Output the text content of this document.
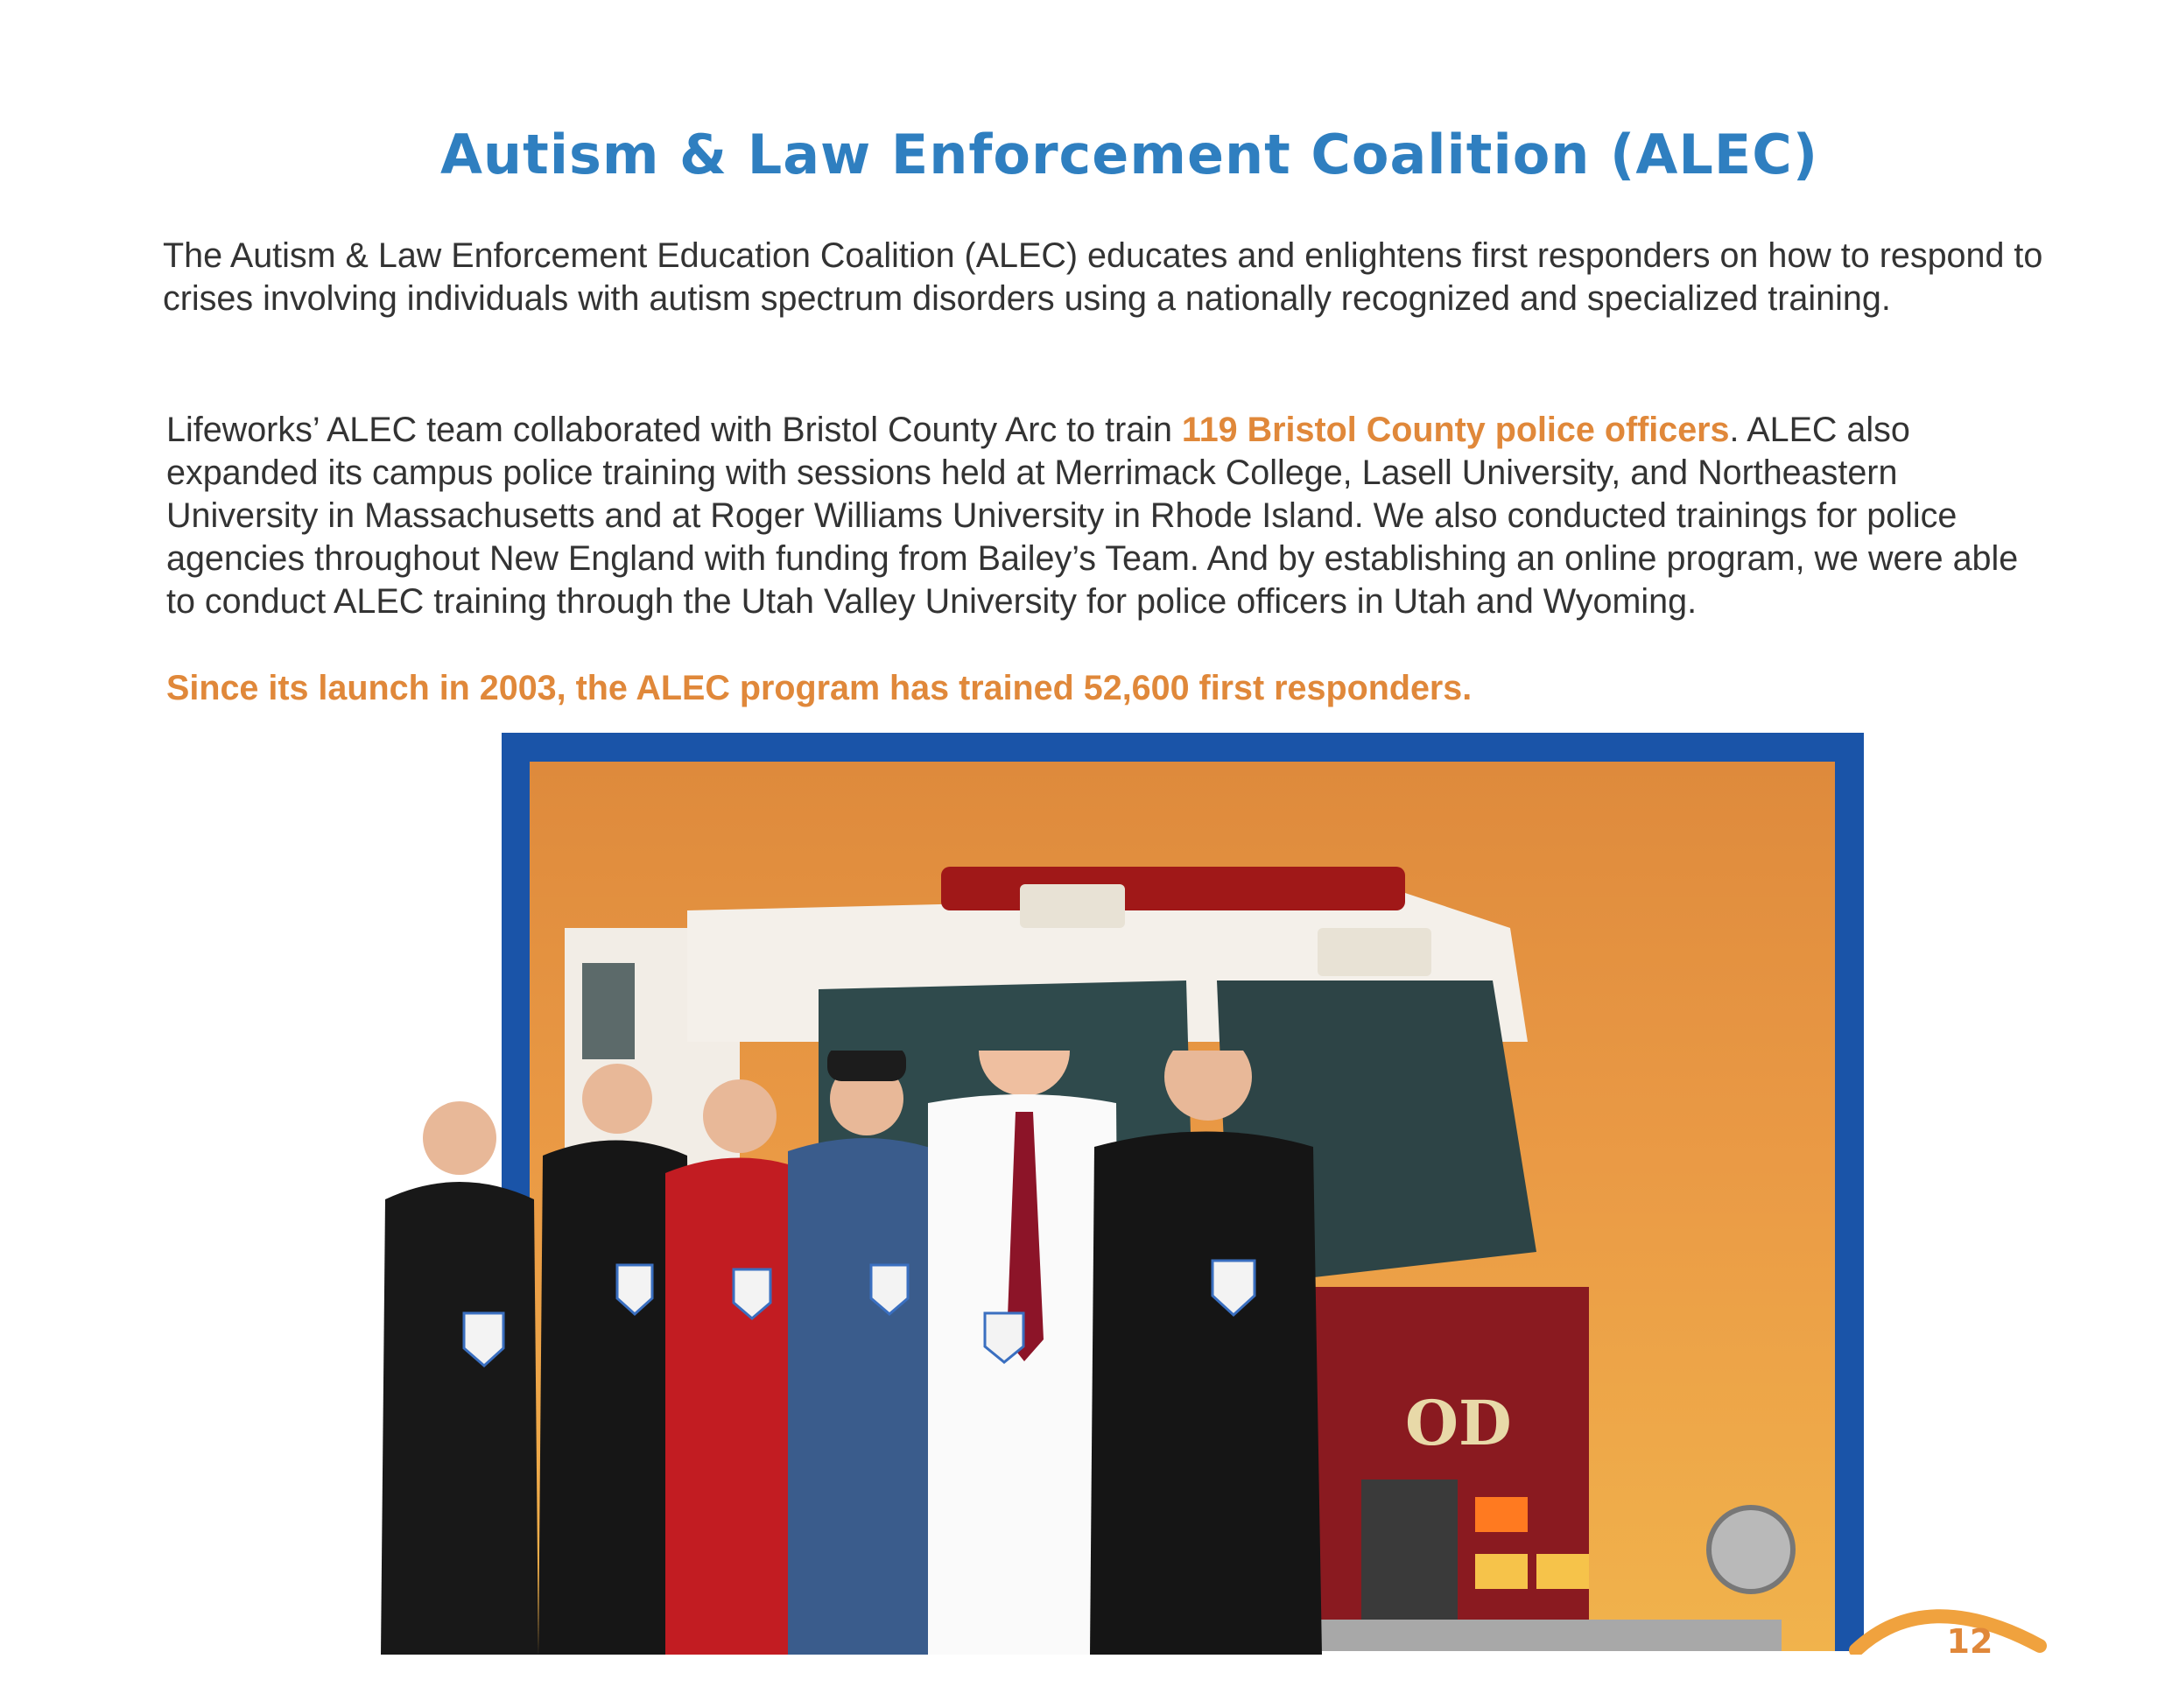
Autism & Law Enforcement Coalition (ALEC)
The Autism & Law Enforcement Education Coalition (ALEC) educates and enlightens first responders on how to respond to crises involving individuals with autism spectrum disorders using a nationally recognized and specialized training.
Lifeworks’ ALEC team collaborated with Bristol County Arc to train 119 Bristol County police officers. ALEC also expanded its campus police training with sessions held at Merrimack College, Lasell University, and Northeastern University in Massachusetts and at Roger Williams University in Rhode Island. We also conducted trainings for police agencies throughout New England with funding from Bailey’s Team. And by establishing an online program, we were able to conduct ALEC training through the Utah Valley University for police officers in Utah and Wyoming.
Since its launch in 2003, the ALEC program has trained 52,600 first responders.
OD
12
